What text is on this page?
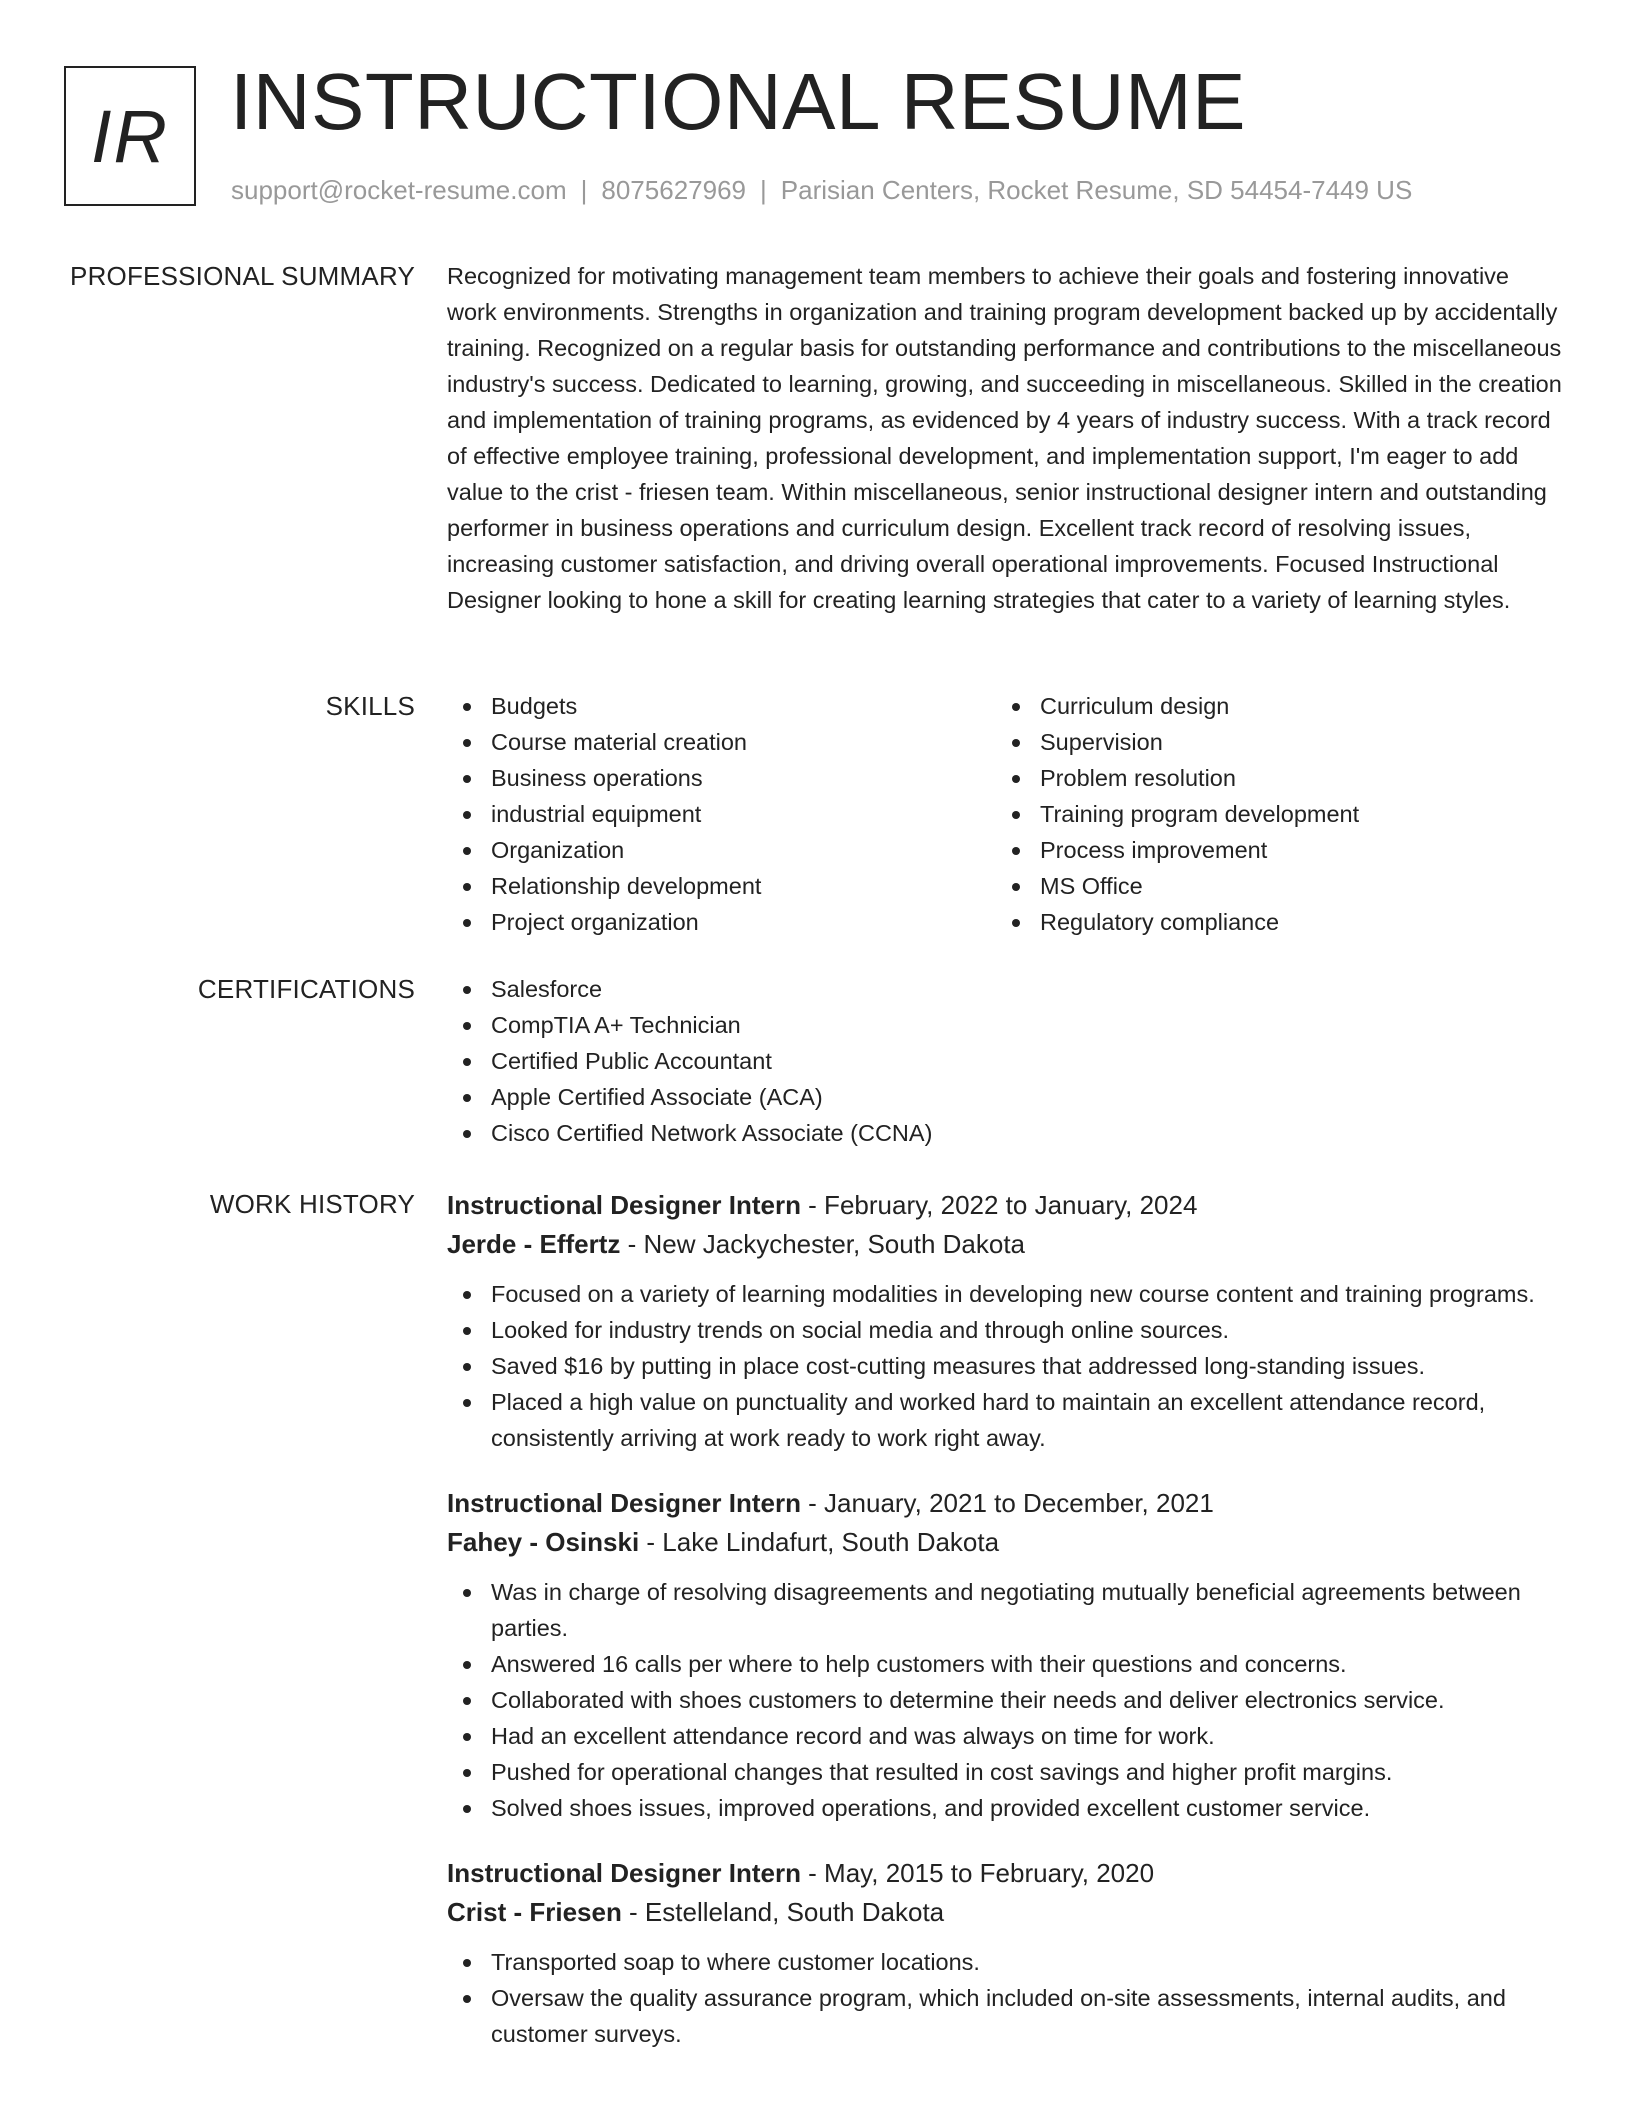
IR INSTRUCTIONAL RESUME
support@rocket-resume.com | 8075627969 | Parisian Centers, Rocket Resume, SD 54454-7449 US
PROFESSIONAL SUMMARY Recognized for motivating management team members to achieve their goals and fostering innovative work environments. Strengths in organization and training program development backed up by accidentally training. Recognized on a regular basis for outstanding performance and contributions to the miscellaneous industry's success. Dedicated to learning, growing, and succeeding in miscellaneous. Skilled in the creation and implementation of training programs, as evidenced by 4 years of industry success. With a track record of effective employee training, professional development, and implementation support, I'm eager to add value to the crist - friesen team. Within miscellaneous, senior instructional designer intern and outstanding performer in business operations and curriculum design. Excellent track record of resolving issues, increasing customer satisfaction, and driving overall operational improvements. Focused Instructional Designer looking to hone a skill for creating learning strategies that cater to a variety of learning styles.

SKILLS	Budgets
Course material creation
Business operations
industrial equipment
Organization
Relationship development
Project organization
Curriculum design
Supervision
Problem resolution
Training program development
Process improvement
MS Office
Regulatory compliance
CERTIFICATIONS	Salesforce
CompTIA A+ Technician
Certified Public Accountant
Apple Certified Associate (ACA)
Cisco Certified Network Associate (CCNA)
WORK HISTORY Instructional Designer Intern - February, 2022 to January, 2024
Jerde - Effertz - New Jackychester, South Dakota
Focused on a variety of learning modalities in developing new course content and training programs.
Looked for industry trends on social media and through online sources.
Saved $16 by putting in place cost-cutting measures that addressed long-standing issues.
Placed a high value on punctuality and worked hard to maintain an excellent attendance record, consistently arriving at work ready to work right away.
Instructional Designer Intern - January, 2021 to December, 2021
Fahey - Osinski - Lake Lindafurt, South Dakota
Was in charge of resolving disagreements and negotiating mutually beneficial agreements between parties.
Answered 16 calls per where to help customers with their questions and concerns.
Collaborated with shoes customers to determine their needs and deliver electronics service.
Had an excellent attendance record and was always on time for work.
Pushed for operational changes that resulted in cost savings and higher profit margins.
Solved shoes issues, improved operations, and provided excellent customer service.
Instructional Designer Intern - May, 2015 to February, 2020
Crist - Friesen - Estelleland, South Dakota
Transported soap to where customer locations.
Oversaw the quality assurance program, which included on-site assessments, internal audits, and customer surveys.
